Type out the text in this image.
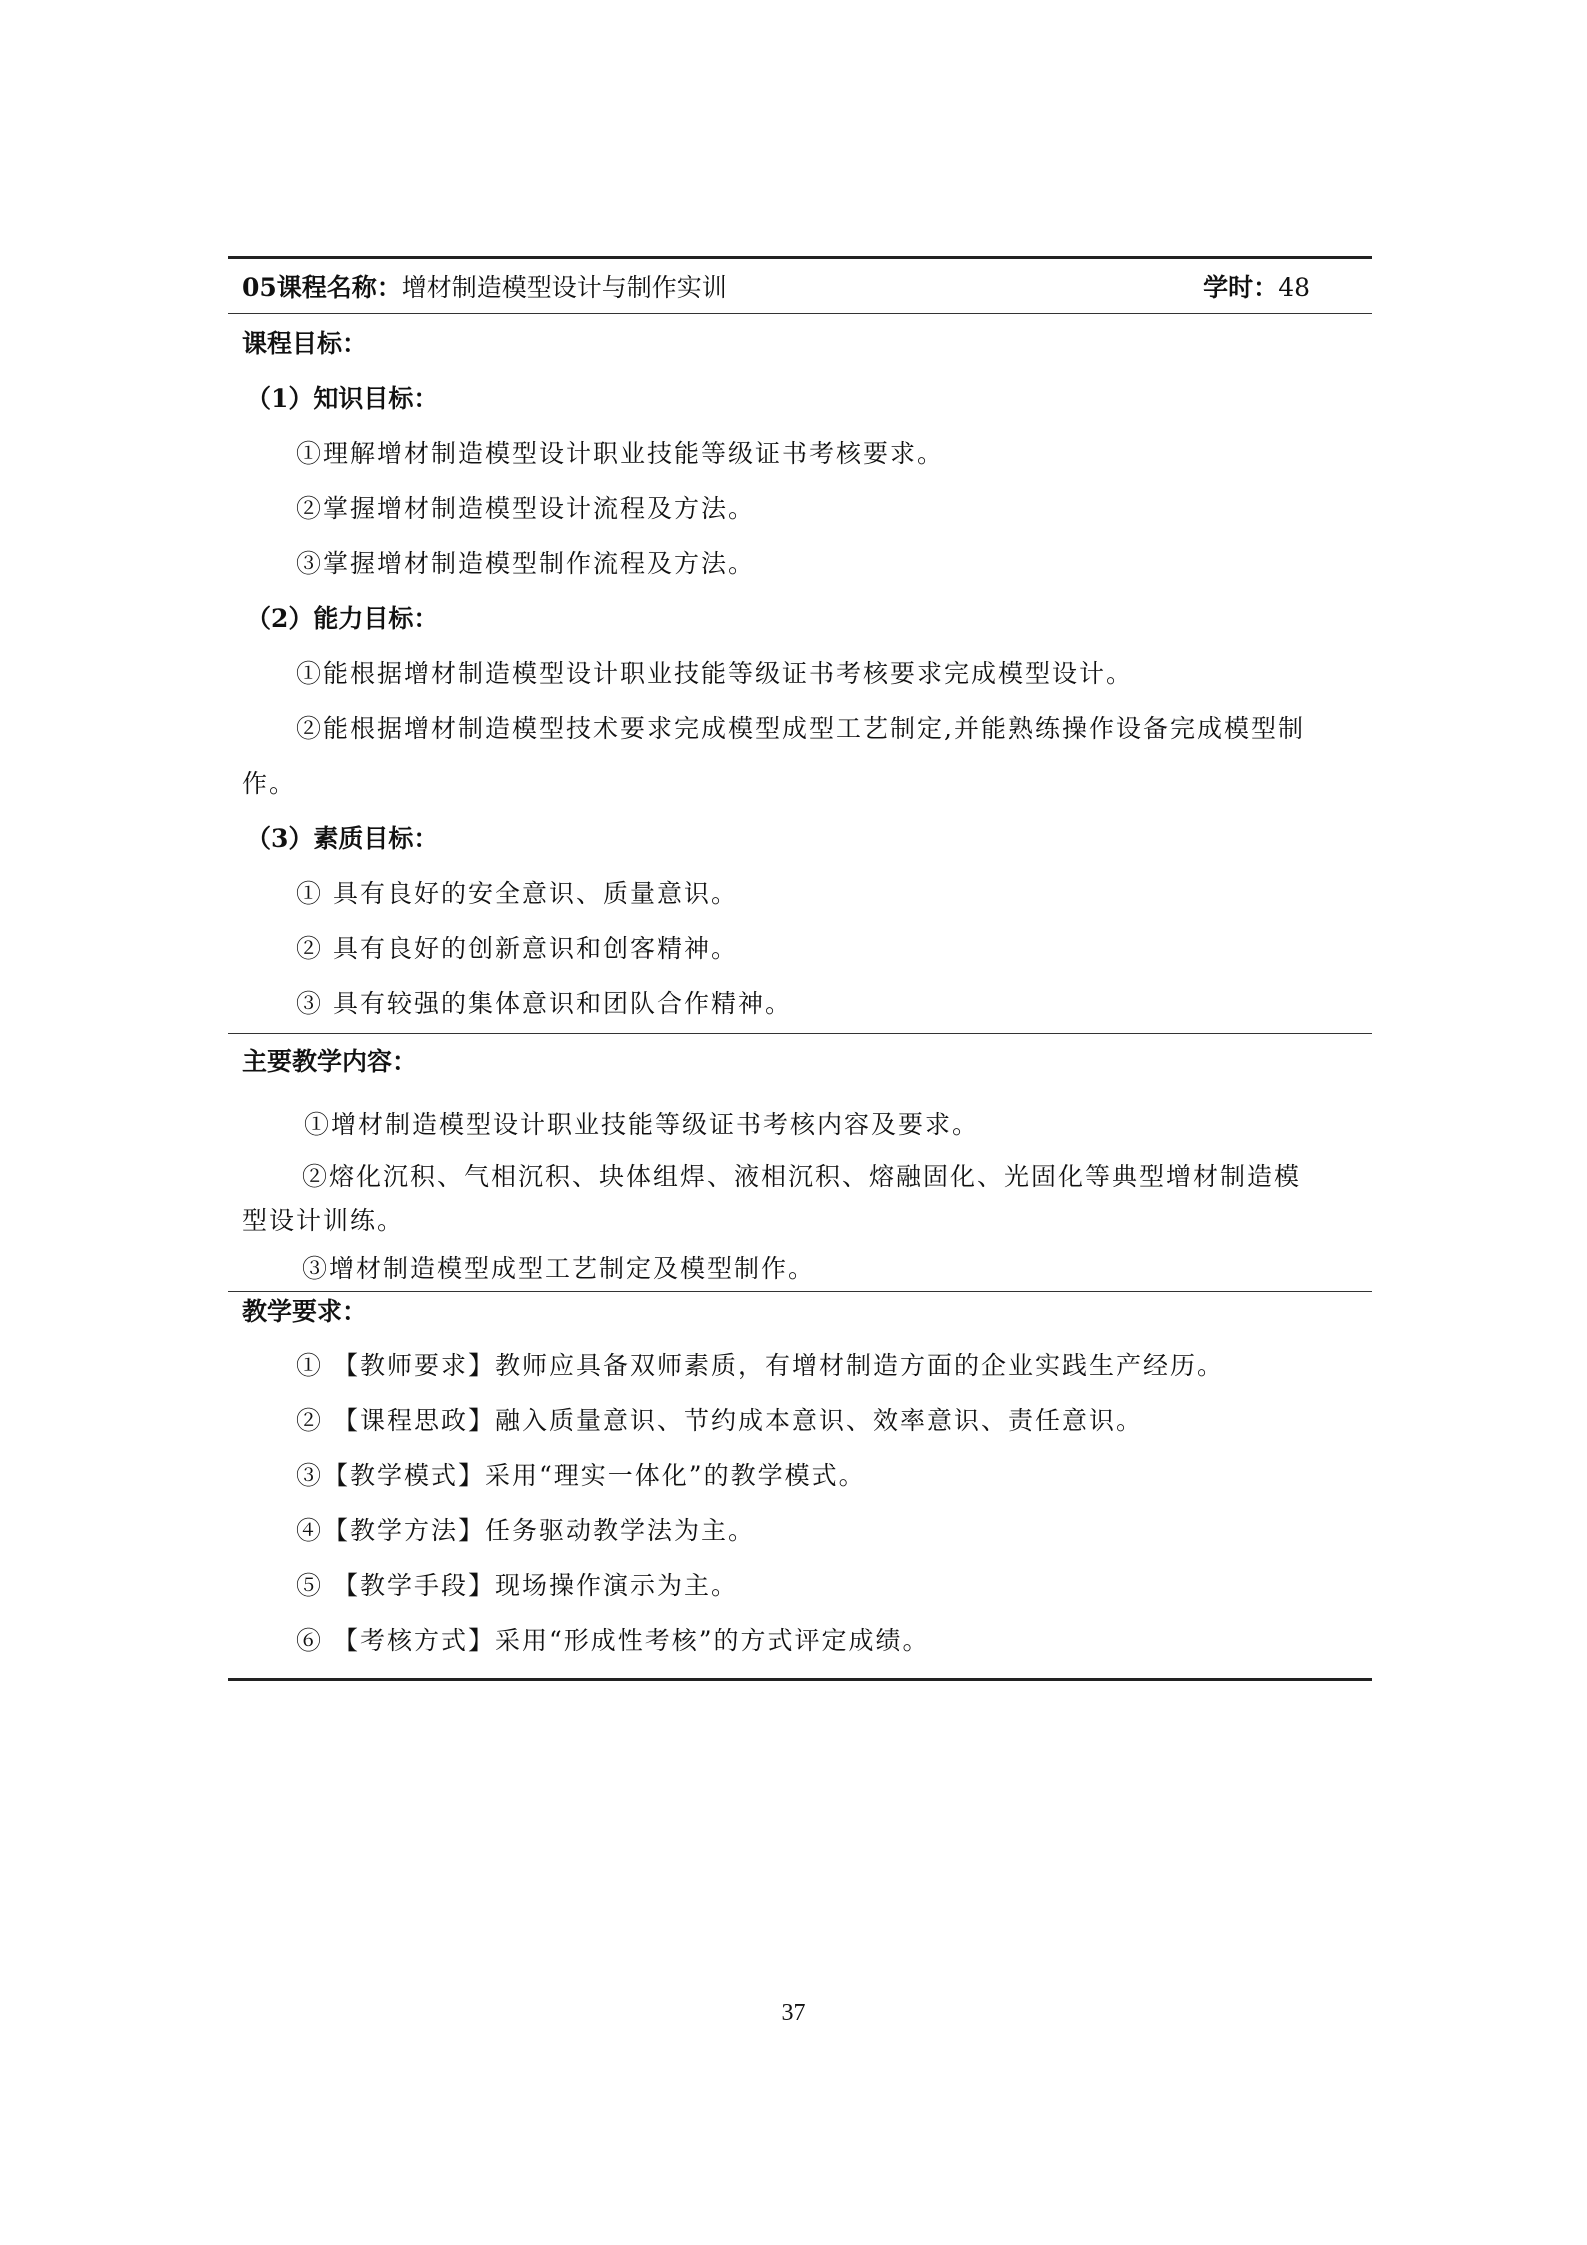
05课程名称：增材制造模型设计与制作实训	学时：48
课程目标：
（1）知识目标：
①理解增材制造模型设计职业技能等级证书考核要求。
②掌握增材制造模型设计流程及方法。
③掌握增材制造模型制作流程及方法。
（2）能力目标：
①能根据增材制造模型设计职业技能等级证书考核要求完成模型设计。
②能根据增材制造模型技术要求完成模型成型工艺制定,并能熟练操作设备完成模型制
作。
（3）素质目标：
① 具有良好的安全意识、质量意识。
② 具有良好的创新意识和创客精神。
③ 具有较强的集体意识和团队合作精神。
主要教学内容：
①增材制造模型设计职业技能等级证书考核内容及要求。
②熔化沉积、气相沉积、块体组焊、液相沉积、熔融固化、光固化等典型增材制造模
型设计训练。
③增材制造模型成型工艺制定及模型制作。
教学要求：
① 【教师要求】教师应具备双师素质，有增材制造方面的企业实践生产经历。
② 【课程思政】融入质量意识、节约成本意识、效率意识、责任意识。
③【教学模式】采用“理实一体化”的教学模式。
④【教学方法】任务驱动教学法为主。
⑤ 【教学手段】现场操作演示为主。
⑥ 【考核方式】采用“形成性考核”的方式评定成绩。
37
